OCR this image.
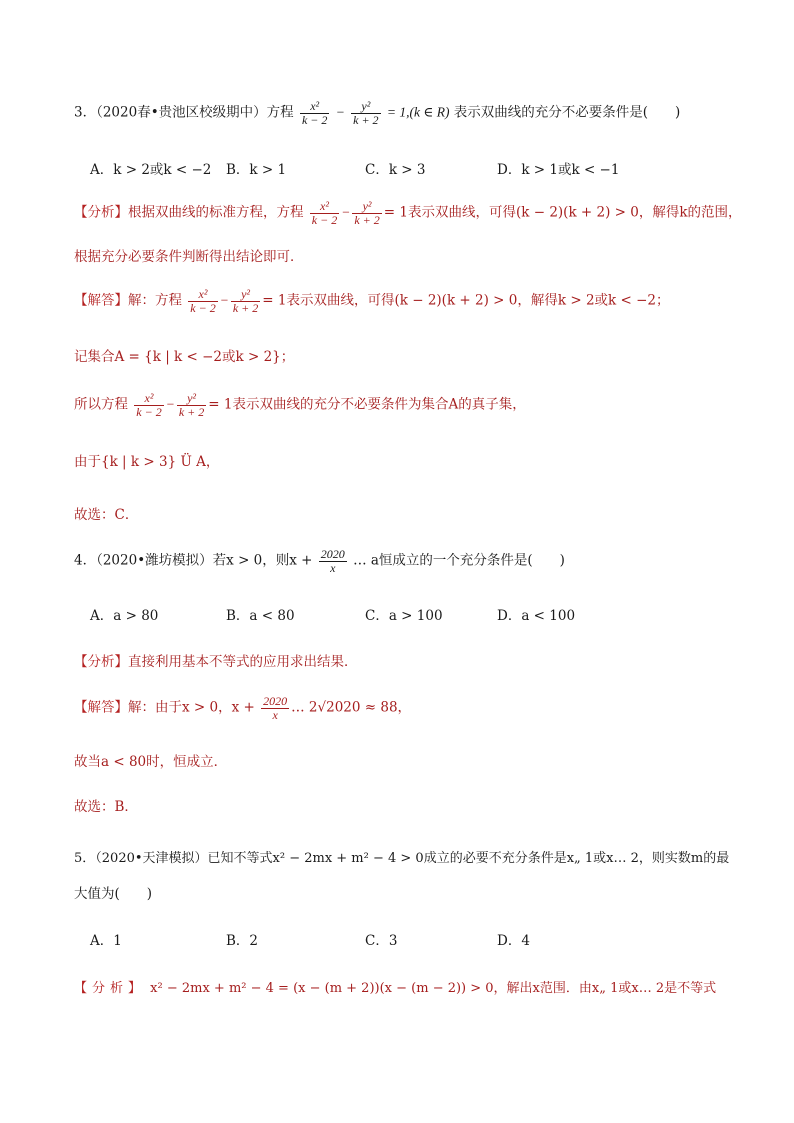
3．（2020春•贵池区校级期中）方程 $\frac{\text{x²}}{k - 2} - \frac{\text{y²}}{k + 2} = 1,(k$ ∈ R) 表示双曲线的充分不必要条件是(　　)
A．k > 2或k < −2 B．k > 1	C．k > 3	D．k > 1或k < −1
【分析】根据双曲线的标准方程，方程 $\frac{\text{x²}}{k - 2} - \frac{\text{y²}}{k + 2} = 1$表示双曲线，可得(k − 2)(k + 2) > 0，解得k的范围，
根据充分必要条件判断得出结论即可．
【解答】解：方程 $\frac{\text{x²}}{k - 2} - \frac{\text{y²}}{k + 2} = 1$表示双曲线，可得(k − 2)(k + 2) > 0，解得k > 2或k < −2；
记集合A = {k | k < −2或k > 2}；
所以方程 $\frac{\text{x²}}{k - 2} - \frac{\text{y²}}{k + 2} = 1$表示双曲线的充分不必要条件为集合A的真子集，
由于{k | k > 3} Ü A，
故选：C．
4．（2020•潍坊模拟）若x > 0，则$x + \frac{2020}{x}$ … a恒成立的一个充分条件是(　　)
A．a > 80	B．a < 80	C．a > 100	D．a < 100
【分析】直接利用基本不等式的应用求出结果．
【解答】解：由于x > 0，$x + \frac{2020}{x}$ … 2√2020 ≈ 88，
故当a < 80时，恒成立．
故选：B．
5．（2020•天津模拟）已知不等式x² − 2mx + m² − 4 > 0成立的必要不充分条件是x„ 1或x… 2，则实数m的最
大值为(　　)
A．1	B．2	C．3	D．4
【分析】 x² − 2mx + m² − 4 = (x − (m + 2))(x − (m − 2)) > 0，解出x范围．由x„ 1或x… 2是不等式
